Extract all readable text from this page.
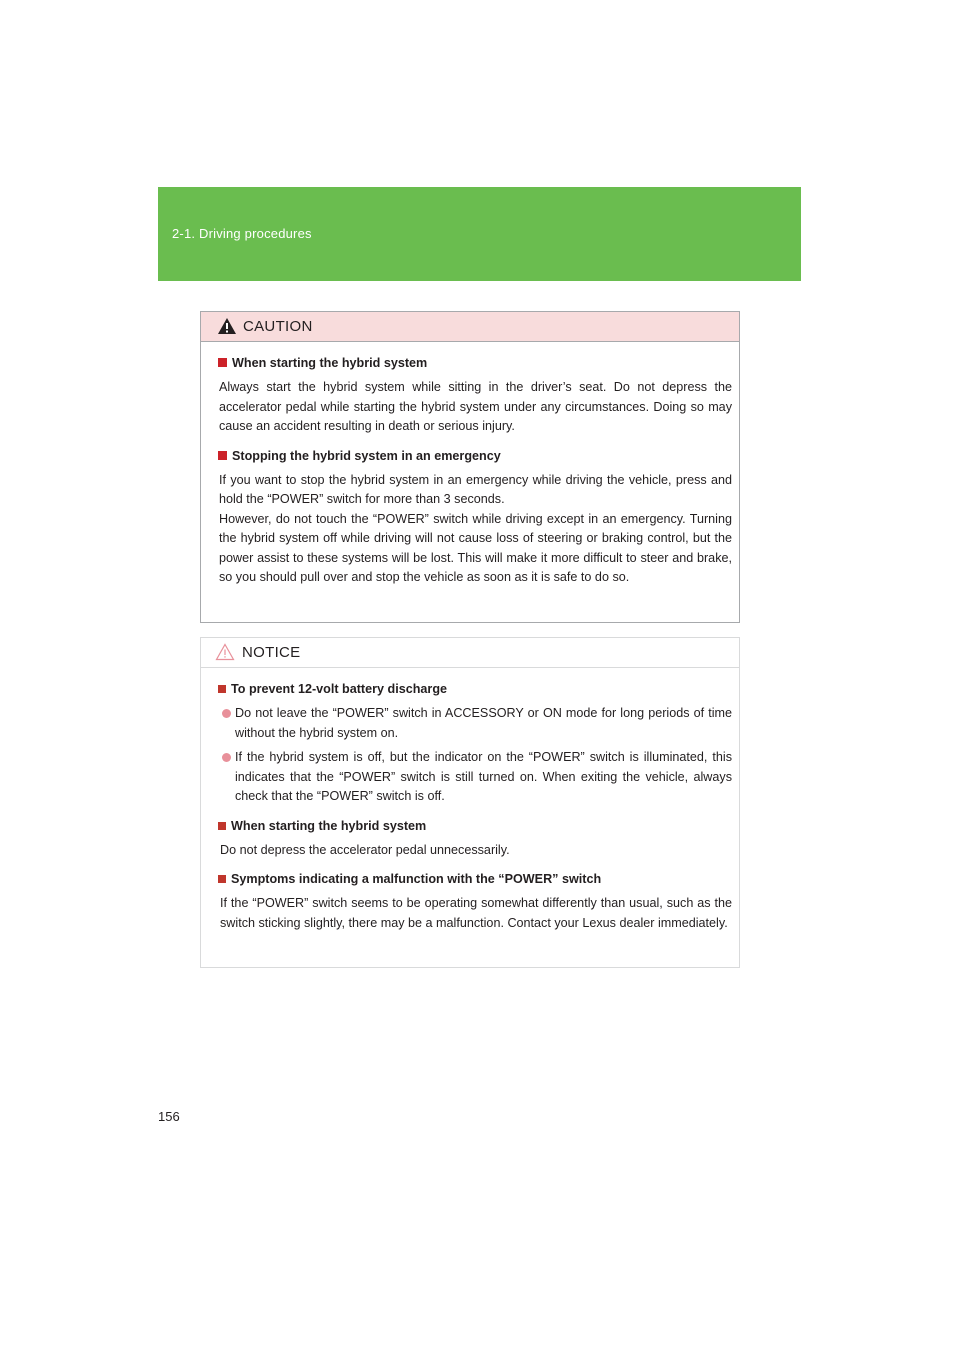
2-1. Driving procedures
CAUTION
When starting the hybrid system
Always start the hybrid system while sitting in the driver’s seat. Do not depress the accelerator pedal while starting the hybrid system under any circumstances. Doing so may cause an accident resulting in death or serious injury.
Stopping the hybrid system in an emergency
If you want to stop the hybrid system in an emergency while driving the vehicle, press and hold the “POWER” switch for more than 3 seconds.
However, do not touch the “POWER” switch while driving except in an emergency. Turning the hybrid system off while driving will not cause loss of steering or braking control, but the power assist to these systems will be lost. This will make it more difficult to steer and brake, so you should pull over and stop the vehicle as soon as it is safe to do so.
NOTICE
To prevent 12-volt battery discharge
Do not leave the “POWER” switch in ACCESSORY or ON mode for long periods of time without the hybrid system on.
If the hybrid system is off, but the indicator on the “POWER” switch is illuminated, this indicates that the “POWER” switch is still turned on. When exiting the vehicle, always check that the “POWER” switch is off.
When starting the hybrid system
Do not depress the accelerator pedal unnecessarily.
Symptoms indicating a malfunction with the “POWER” switch
If the “POWER” switch seems to be operating somewhat differently than usual, such as the switch sticking slightly, there may be a malfunction. Contact your Lexus dealer immediately.
156
